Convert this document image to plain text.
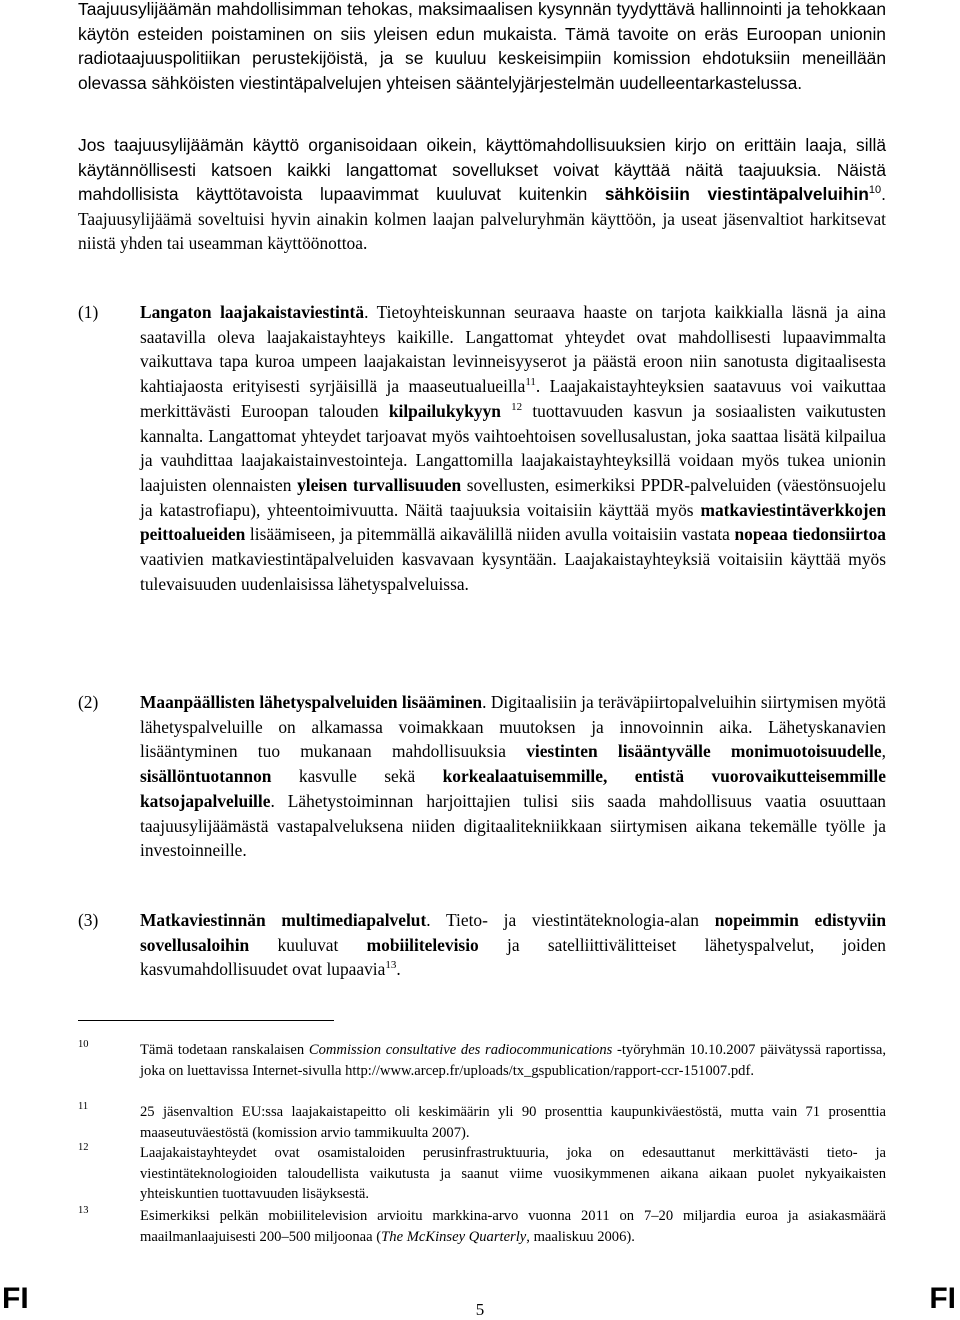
Taajuusylijäämän mahdollisimman tehokas, maksimaalisen kysynnän tyydyttävä hallinnointi ja tehokkaan käytön esteiden poistaminen on siis yleisen edun mukaista. Tämä tavoite on eräs Euroopan unionin radiotaajuuspolitiikan perustekijöistä, ja se kuuluu keskeisimpiin komission ehdotuksiin meneillään olevassa sähköisten viestintäpalvelujen yhteisen sääntelyjärjestelmän uudelleentarkastelussa.
Jos taajuusylijäämän käyttö organisoidaan oikein, käyttömahdollisuuksien kirjo on erittäin laaja, sillä käytännöllisesti katsoen kaikki langattomat sovellukset voivat käyttää näitä taajuuksia. Näistä mahdollisista käyttötavoista lupaavimmat kuuluvat kuitenkin sähköisiin viestintäpalveluihin$^{10}$. Taajuusylijäämä soveltuisi hyvin ainakin kolmen laajan palveluryhmän käyttöön, ja useat jäsenvaltiot harkitsevat niistä yhden tai useamman käyttöönottoa.
(1) Langaton laajakaistaviestintä. Tietoyhteiskunnan seuraava haaste on tarjota kaikkialla läsnä ja aina saatavilla oleva laajakaistayhteys kaikille. Langattomat yhteydet ovat mahdollisesti lupaavimmalta vaikuttava tapa kuroa umpeen laajakaistan levinneisyyserot ja päästä eroon niin sanotusta digitaalisesta kahtiajaosta erityisesti syrjäisillä ja maaseutualueilla$^{11}$. Laajakaistayhteyksien saatavuus voi vaikuttaa merkittävästi Euroopan talouden kilpailukykyyn $^{12}$ tuottavuuden kasvun ja sosiaalisten vaikutusten kannalta. Langattomat yhteydet tarjoavat myös vaihtoehtoisen sovellusalustan, joka saattaa lisätä kilpailua ja vauhdittaa laajakaistainvestointeja. Langattomilla laajakaistayhteyksillä voidaan myös tukea unionin laajuisten olennaisten yleisen turvallisuuden sovellusten, esimerkiksi PPDR-palveluiden (väestönsuojelu ja katastrofiapu), yhteentoimivuutta. Näitä taajuuksia voitaisiin käyttää myös matkaviestintäverkkojen peittoalueiden lisäämiseen, ja pitemmällä aikavälillä niiden avulla voitaisiin vastata nopeaa tiedonsiirtoa vaativien matkaviestintäpalveluiden kasvavaan kysyntään. Laajakaistayhteyksiä voitaisiin käyttää myös tulevaisuuden uudenlaisissa lähetyspalveluissa.
(2) Maanpäällisten lähetyspalveluiden lisääminen. Digitaalisiin ja teräväpiirtopalveluihin siirtymisen myötä lähetyspalveluille on alkamassa voimakkaan muutoksen ja innovoinnin aika. Lähetyskanavien lisääntyminen tuo mukanaan mahdollisuuksia viestinten lisääntyvälle monimuotoisuudelle, sisällöntuotannon kasvulle sekä korkealaatuisemmille, entistä vuorovaikutteisemmille katsojapalveluille. Lähetystoiminnan harjoittajien tulisi siis saada mahdollisuus vaatia osuuttaan taajuusylijäämästä vastapalveluksena niiden digitaalitekniikkaan siirtymisen aikana tekemälle työlle ja investoinneille.
(3) Matkaviestinnän multimediapalvelut. Tieto- ja viestintäteknologia-alan nopeimmin edistyviin sovellusaloihin kuuluvat mobiilitelevisio ja satelliittivälitteiset lähetyspalvelut, joiden kasvumahdollisuudet ovat lupaavia$^{13}$.
10	Tämä todetaan ranskalaisen Commission consultative des radiocommunications -työryhmän 10.10.2007 päivätyssä raportissa, joka on luettavissa Internet-sivulla http://www.arcep.fr/uploads/tx_gspublication/rapport-ccr-151007.pdf.
11	25 jäsenvaltion EU:ssa laajakaistapeitto oli keskimäärin yli 90 prosenttia kaupunkiväestöstä, mutta vain 71 prosenttia maaseutuväestöstä (komission arvio tammikuulta 2007).
12	Laajakaistayhteydet ovat osamistaloiden perusinfrastruktuuria, joka on edesauttanut merkittävästi tieto- ja viestintäteknologioiden taloudellista vaikutusta ja saanut viime vuosikymmenen aikana aikaan puolet nykyaikaisten yhteiskuntien tuottavuuden lisäyksestä.
13	Esimerkiksi pelkän mobiilitelevision arvioitu markkina-arvo vuonna 2011 on 7–20 miljardia euroa ja asiakasmäärä maailmanlaajuisesti 200–500 miljoonaa (The McKinsey Quarterly, maaliskuu 2006).
FI	5	FI
